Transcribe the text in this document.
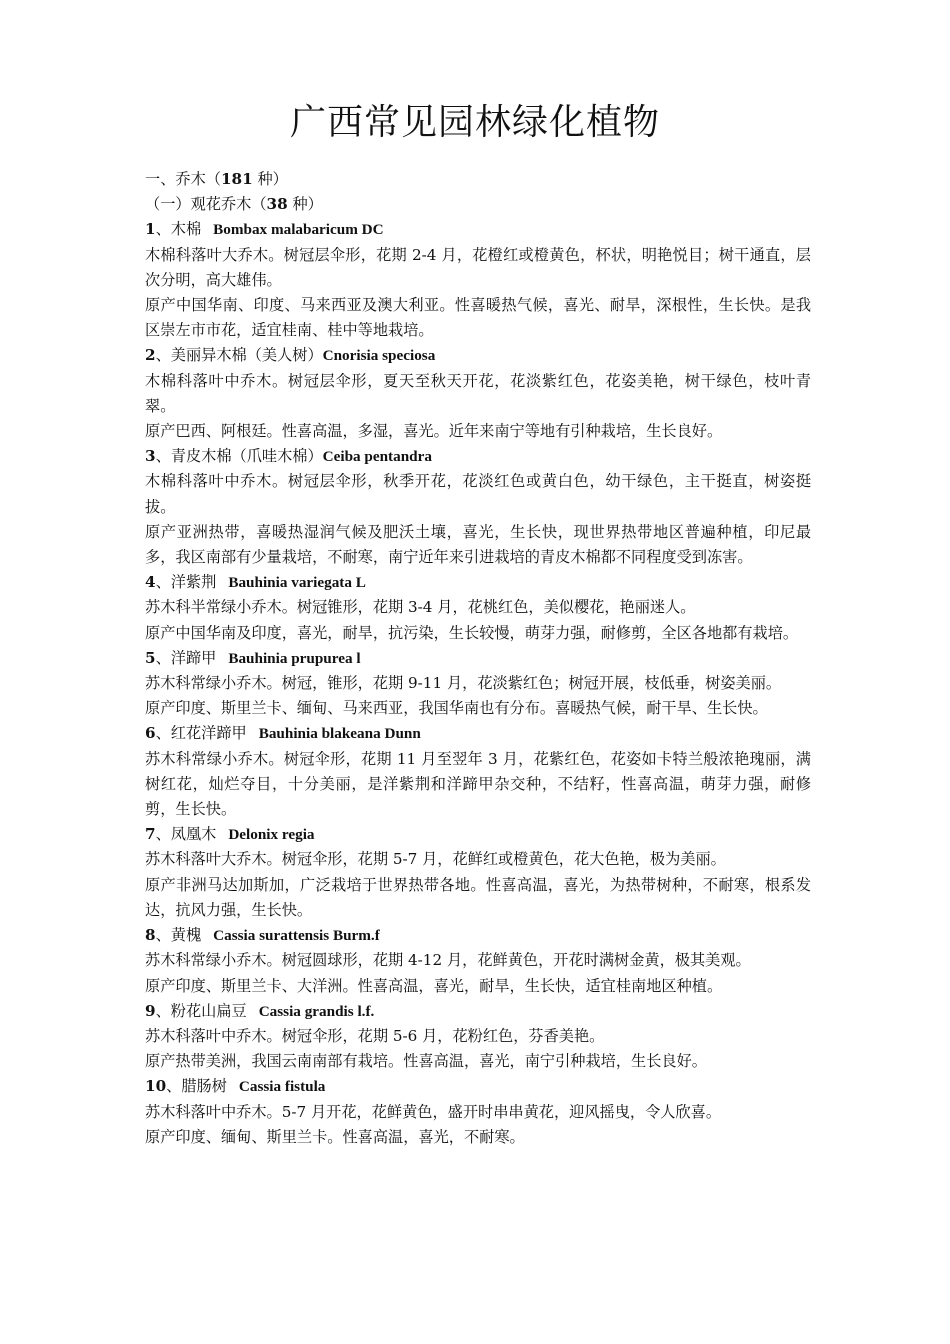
广西常见园林绿化植物
一、乔木（181 种）
（一）观花乔木（38 种）
1、木棉 Bombax malabaricum DC

木棉科落叶大乔木。树冠层伞形，花期 2-4 月，花橙红或橙黄色，杯状，明艳悦目；树干通直，层次分明，高大雄伟。

原产中国华南、印度、马来西亚及澳大利亚。性喜暖热气候，喜光、耐旱，深根性，生长快。是我区崇左市市花，适宜桂南、桂中等地栽培。

2、美丽异木棉（美人树）Cnorisia speciosa

木棉科落叶中乔木。树冠层伞形，夏天至秋天开花，花淡紫红色，花姿美艳，树干绿色，枝叶青翠。

原产巴西、阿根廷。性喜高温，多湿，喜光。近年来南宁等地有引种栽培，生长良好。

3、青皮木棉（爪哇木棉）Ceiba pentandra

木棉科落叶中乔木。树冠层伞形，秋季开花，花淡红色或黄白色，幼干绿色，主干挺直，树姿挺拔。

原产亚洲热带，喜暖热湿润气候及肥沃土壤，喜光，生长快，现世界热带地区普遍种植，印尼最多，我区南部有少量栽培，不耐寒，南宁近年来引进栽培的青皮木棉都不同程度受到冻害。

4、洋紫荆 Bauhinia variegata L

苏木科半常绿小乔木。树冠锥形，花期 3-4 月，花桃红色，美似樱花，艳丽迷人。

原产中国华南及印度，喜光，耐旱，抗污染，生长较慢，萌芽力强，耐修剪，全区各地都有栽培。

5、洋蹄甲 Bauhinia prupurea l

苏木科常绿小乔木。树冠，锥形，花期 9-11 月，花淡紫红色；树冠开展，枝低垂，树姿美丽。

原产印度、斯里兰卡、缅甸、马来西亚，我国华南也有分布。喜暖热气候，耐干旱、生长快。

6、红花洋蹄甲 Bauhinia blakeana Dunn

苏木科常绿小乔木。树冠伞形，花期 11 月至翌年 3 月，花紫红色，花姿如卡特兰般浓艳瑰丽，满树红花，灿烂夺目，十分美丽，是洋紫荆和洋蹄甲杂交种，不结籽，性喜高温，萌芽力强，耐修剪，生长快。

7、凤凰木 Delonix regia

苏木科落叶大乔木。树冠伞形，花期 5-7 月，花鲜红或橙黄色，花大色艳，极为美丽。

原产非洲马达加斯加，广泛栽培于世界热带各地。性喜高温，喜光，为热带树种，不耐寒，根系发达，抗风力强，生长快。

8、黄槐 Cassia surattensis Burm.f

苏木科常绿小乔木。树冠圆球形，花期 4-12 月，花鲜黄色，开花时满树金黄，极其美观。

原产印度、斯里兰卡、大洋洲。性喜高温，喜光，耐旱，生长快，适宜桂南地区种植。

9、粉花山扁豆 Cassia grandis l.f.

苏木科落叶中乔木。树冠伞形，花期 5-6 月，花粉红色，芬香美艳。

原产热带美洲，我国云南南部有栽培。性喜高温，喜光，南宁引种栽培，生长良好。

10、腊肠树 Cassia fistula

苏木科落叶中乔木。5-7 月开花，花鲜黄色，盛开时串串黄花，迎风摇曳，令人欣喜。

原产印度、缅甸、斯里兰卡。性喜高温，喜光，不耐寒。
